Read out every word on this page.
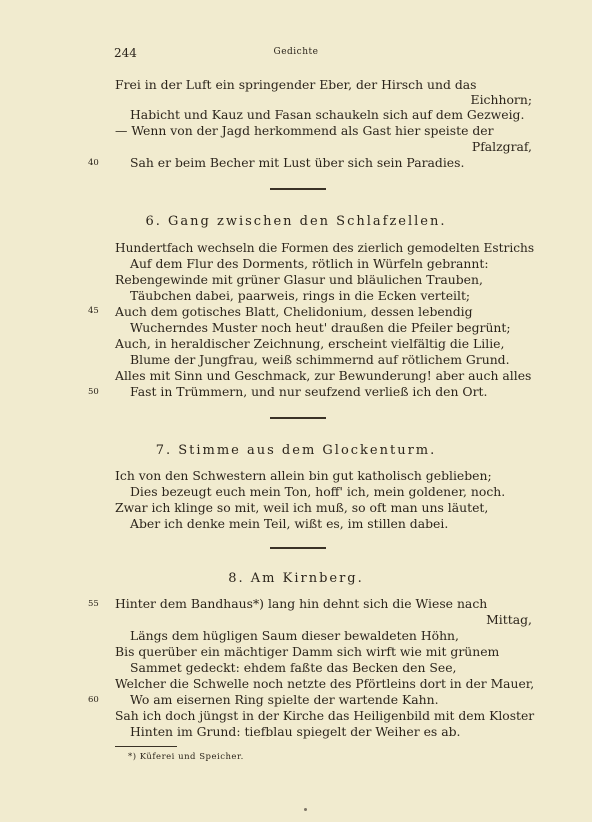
244	Gedichte
Frei in der Luft ein springender Eber, der Hirsch und das
Eichhorn;
Habicht und Kauz und Fasan schaukeln sich auf dem Gezweig.
— Wenn von der Jagd herkommend als Gast hier speiste der
Pfalzgraf,
40	Sah er beim Becher mit Lust über sich sein Paradies.
6. Gang zwischen den Schlafzellen.
Hundertfach wechseln die Formen des zierlich gemodelten Estrichs
Auf dem Flur des Dorments, rötlich in Würfeln gebrannt:
Rebengewinde mit grüner Glasur und bläulichen Trauben,
Täubchen dabei, paarweis, rings in die Ecken verteilt;
45 Auch dem gotisches Blatt, Chelidonium, dessen lebendig
Wucherndes Muster noch heut' draußen die Pfeiler begrünt;
Auch, in heraldischer Zeichnung, erscheint vielfältig die Lilie,
Blume der Jungfrau, weiß schimmernd auf rötlichem Grund.
Alles mit Sinn und Geschmack, zur Bewunderung! aber auch alles
50	Fast in Trümmern, und nur seufzend verließ ich den Ort.
7. Stimme aus dem Glockenturm.
Ich von den Schwestern allein bin gut katholisch geblieben;
Dies bezeugt euch mein Ton, hoff' ich, mein goldener, noch.
Zwar ich klinge so mit, weil ich muß, so oft man uns läutet,
Aber ich denke mein Teil, wißt es, im stillen dabei.
8. Am Kirnberg.
55 Hinter dem Bandhaus*) lang hin dehnt sich die Wiese nach
Mittag,
Längs dem hügligen Saum dieser bewaldeten Höhn,
Bis querüber ein mächtiger Damm sich wirft wie mit grünem
Sammet gedeckt: ehdem faßte das Becken den See,
Welcher die Schwelle noch netzte des Pförtleins dort in der Mauer,
60	Wo am eisernen Ring spielte der wartende Kahn.
Sah ich doch jüngst in der Kirche das Heiligenbild mit dem Kloster
Hinten im Grund: tiefblau spiegelt der Weiher es ab.
*) Küferei und Speicher.
